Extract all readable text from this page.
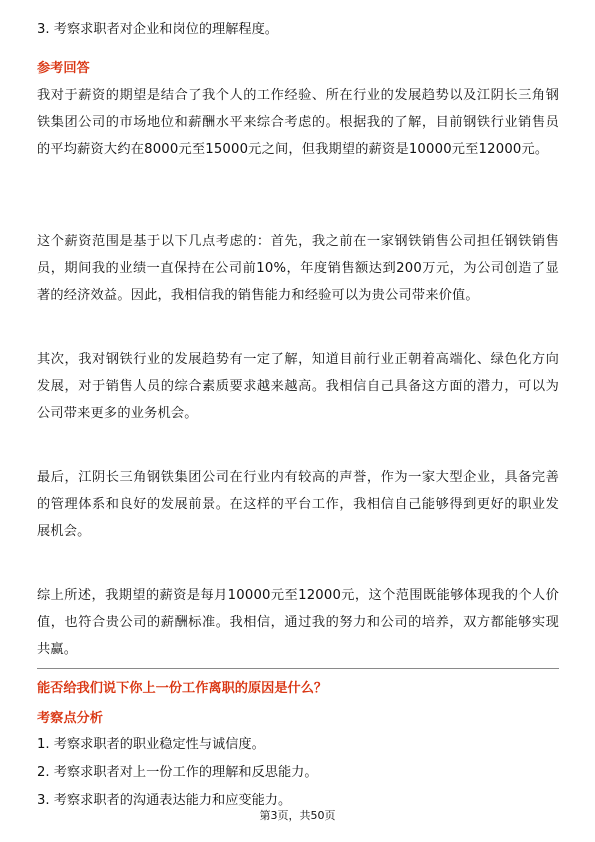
3. 考察求职者对企业和岗位的理解程度。

参考回答

我对于薪资的期望是结合了我个人的工作经验、所在行业的发展趋势以及江阴长三角钢铁集团公司的市场地位和薪酬水平来综合考虑的。根据我的了解，目前钢铁行业销售员的平均薪资大约在8000元至15000元之间，但我期望的薪资是10000元至12000元。

这个薪资范围是基于以下几点考虑的：首先，我之前在一家钢铁销售公司担任钢铁销售员，期间我的业绩一直保持在公司前10%，年度销售额达到200万元，为公司创造了显著的经济效益。因此，我相信我的销售能力和经验可以为贵公司带来价值。

其次，我对钢铁行业的发展趋势有一定了解，知道目前行业正朝着高端化、绿色化方向发展，对于销售人员的综合素质要求越来越高。我相信自己具备这方面的潜力，可以为公司带来更多的业务机会。

最后，江阴长三角钢铁集团公司在行业内有较高的声誉，作为一家大型企业，具备完善的管理体系和良好的发展前景。在这样的平台工作，我相信自己能够得到更好的职业发展机会。

综上所述，我期望的薪资是每月10000元至12000元，这个范围既能够体现我的个人价值，也符合贵公司的薪酬标准。我相信，通过我的努力和公司的培养，双方都能够实现共赢。

能否给我们说下你上一份工作离职的原因是什么？

考察点分析

1. 考察求职者的职业稳定性与诚信度。

2. 考察求职者对上一份工作的理解和反思能力。

3. 考察求职者的沟通表达能力和应变能力。

第3页，共50页
